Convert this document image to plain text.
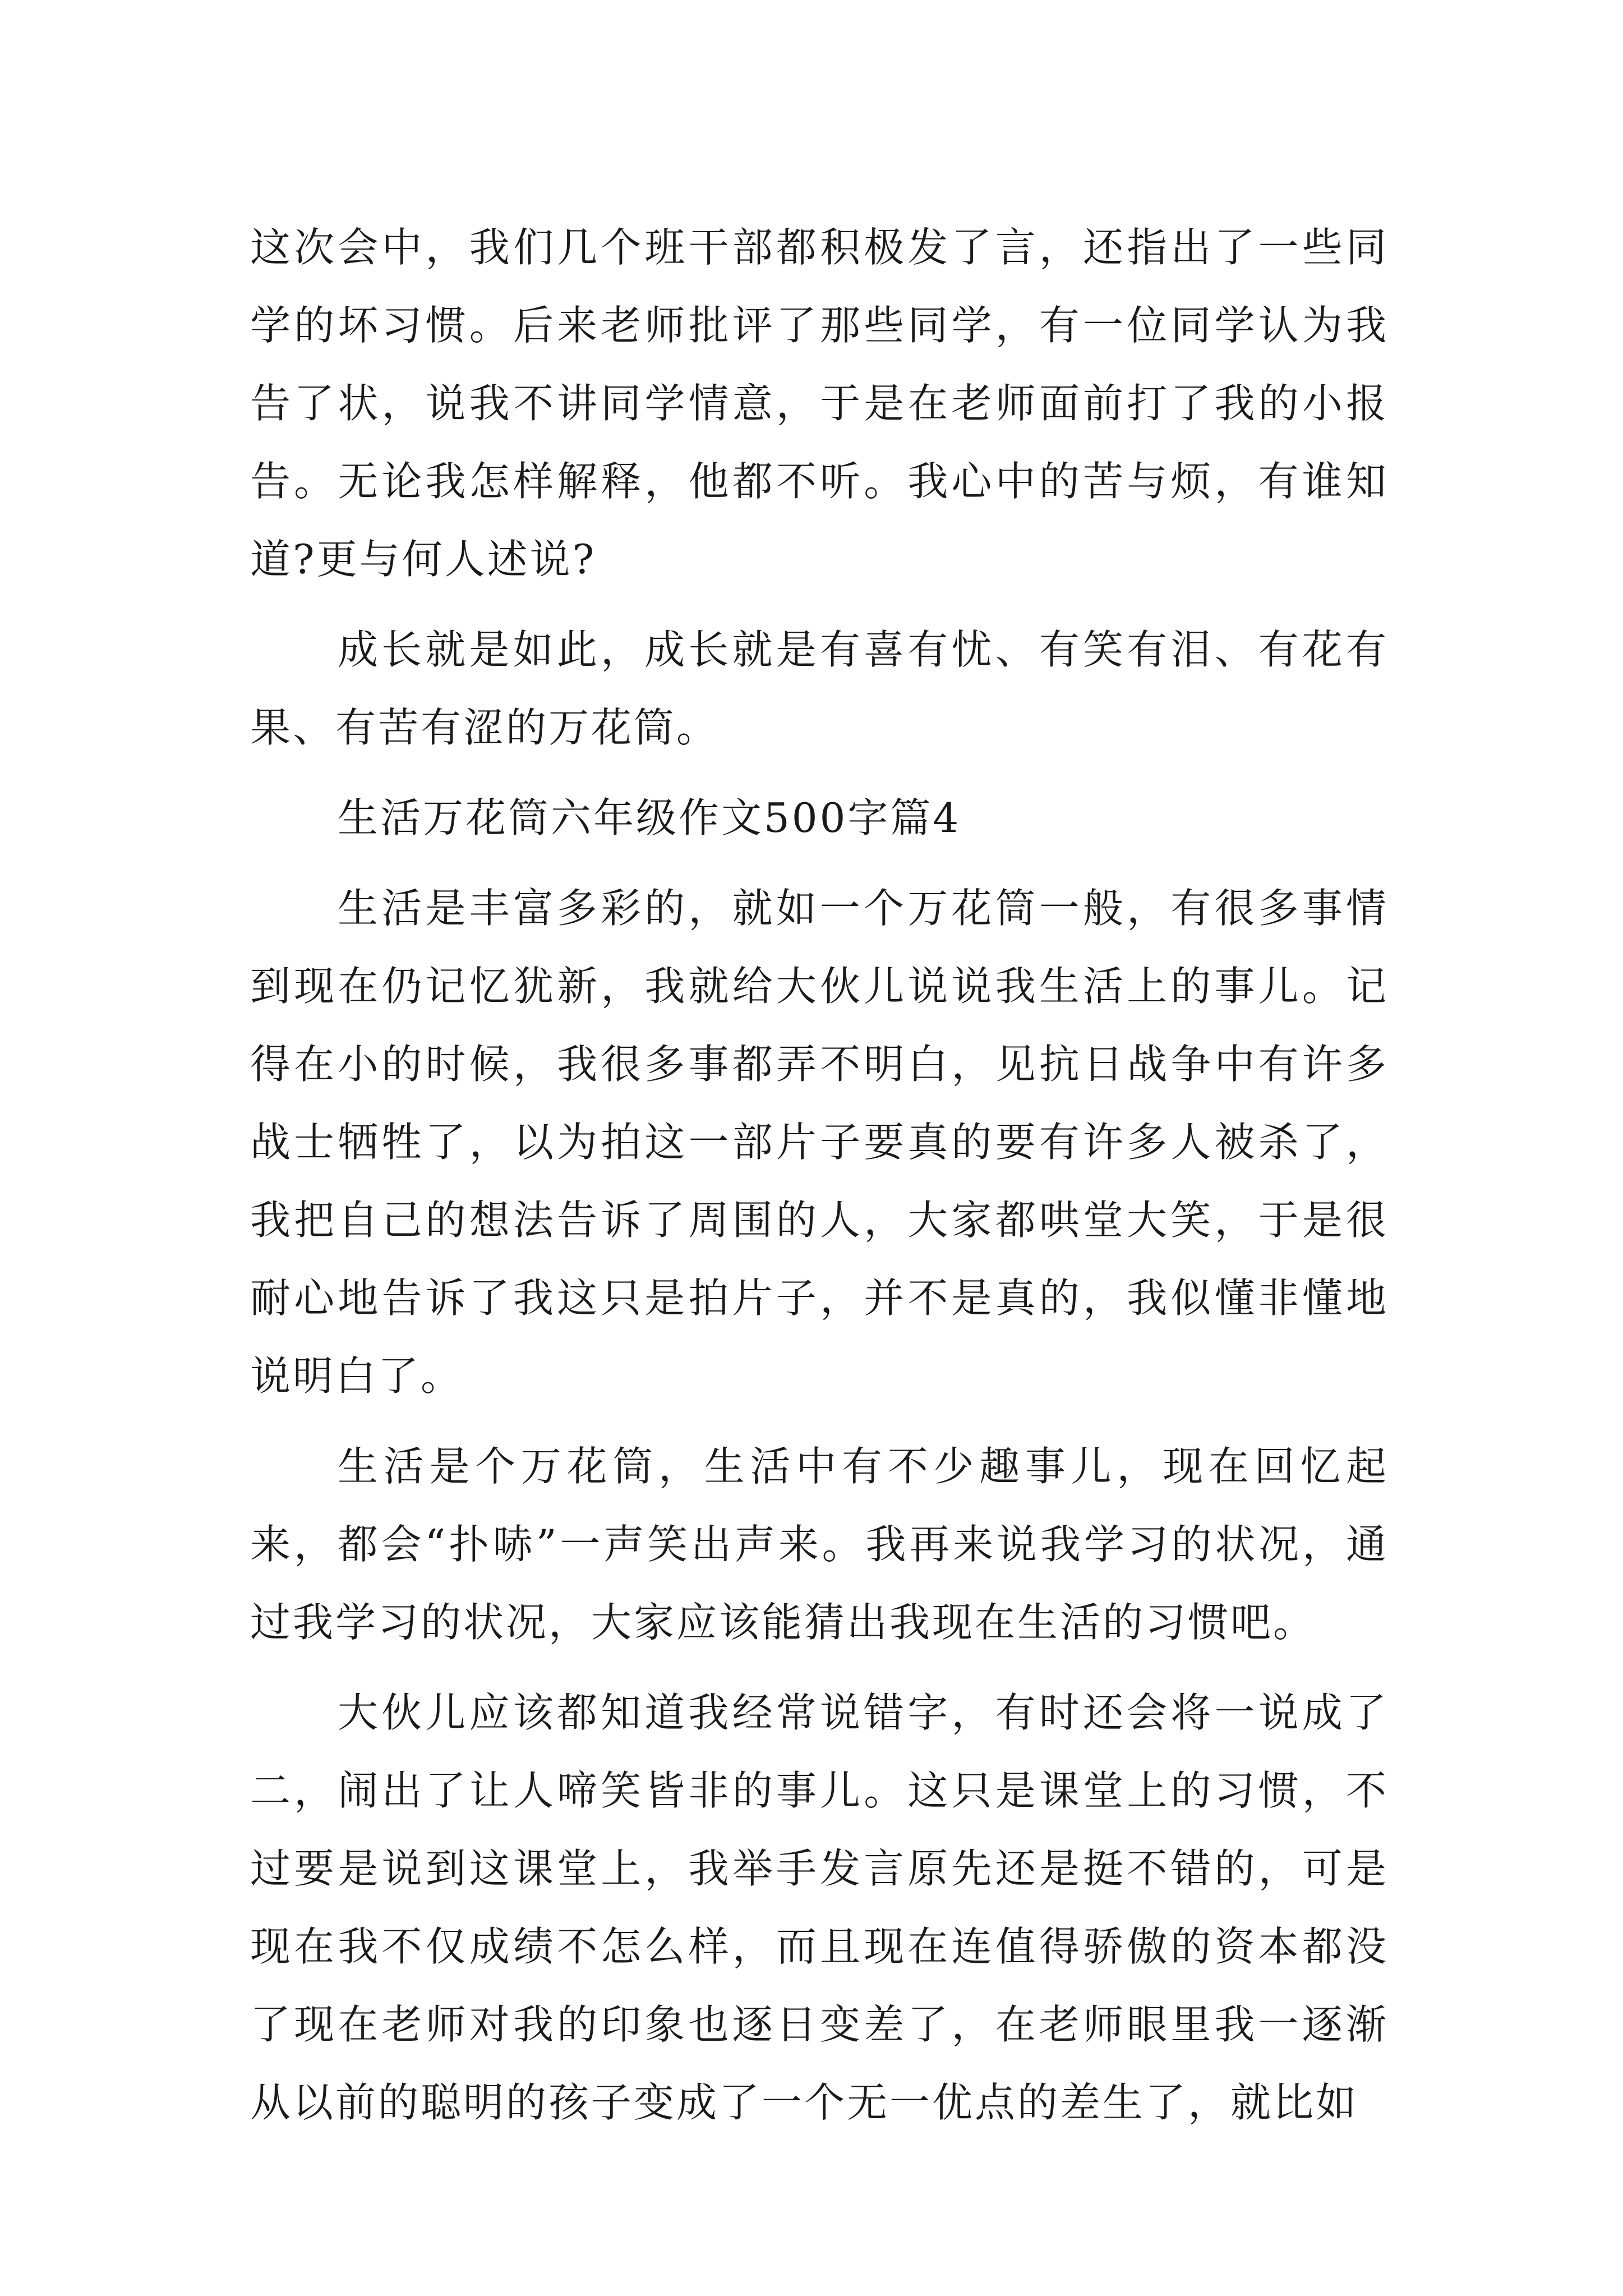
这次会中，我们几个班干部都积极发了言，还指出了一些同学的坏习惯。后来老师批评了那些同学，有一位同学认为我告了状，说我不讲同学情意，于是在老师面前打了我的小报告。无论我怎样解释，他都不听。我心中的苦与烦，有谁知道?更与何人述说?

成长就是如此，成长就是有喜有忧、有笑有泪、有花有果、有苦有涩的万花筒。

生活万花筒六年级作文500字篇4

生活是丰富多彩的，就如一个万花筒一般，有很多事情到现在仍记忆犹新，我就给大伙儿说说我生活上的事儿。记得在小的时候，我很多事都弄不明白，见抗日战争中有许多战士牺牲了，以为拍这一部片子要真的要有许多人被杀了，我把自己的想法告诉了周围的人，大家都哄堂大笑，于是很耐心地告诉了我这只是拍片子，并不是真的，我似懂非懂地说明白了。

生活是个万花筒，生活中有不少趣事儿，现在回忆起来，都会“扑哧”一声笑出声来。我再来说我学习的状况，通过我学习的状况，大家应该能猜出我现在生活的习惯吧。

大伙儿应该都知道我经常说错字，有时还会将一说成了二，闹出了让人啼笑皆非的事儿。这只是课堂上的习惯，不过要是说到这课堂上，我举手发言原先还是挺不错的，可是现在我不仅成绩不怎么样，而且现在连值得骄傲的资本都没了现在老师对我的印象也逐日变差了，在老师眼里我一逐渐从以前的聪明的孩子变成了一个无一优点的差生了，就比如
